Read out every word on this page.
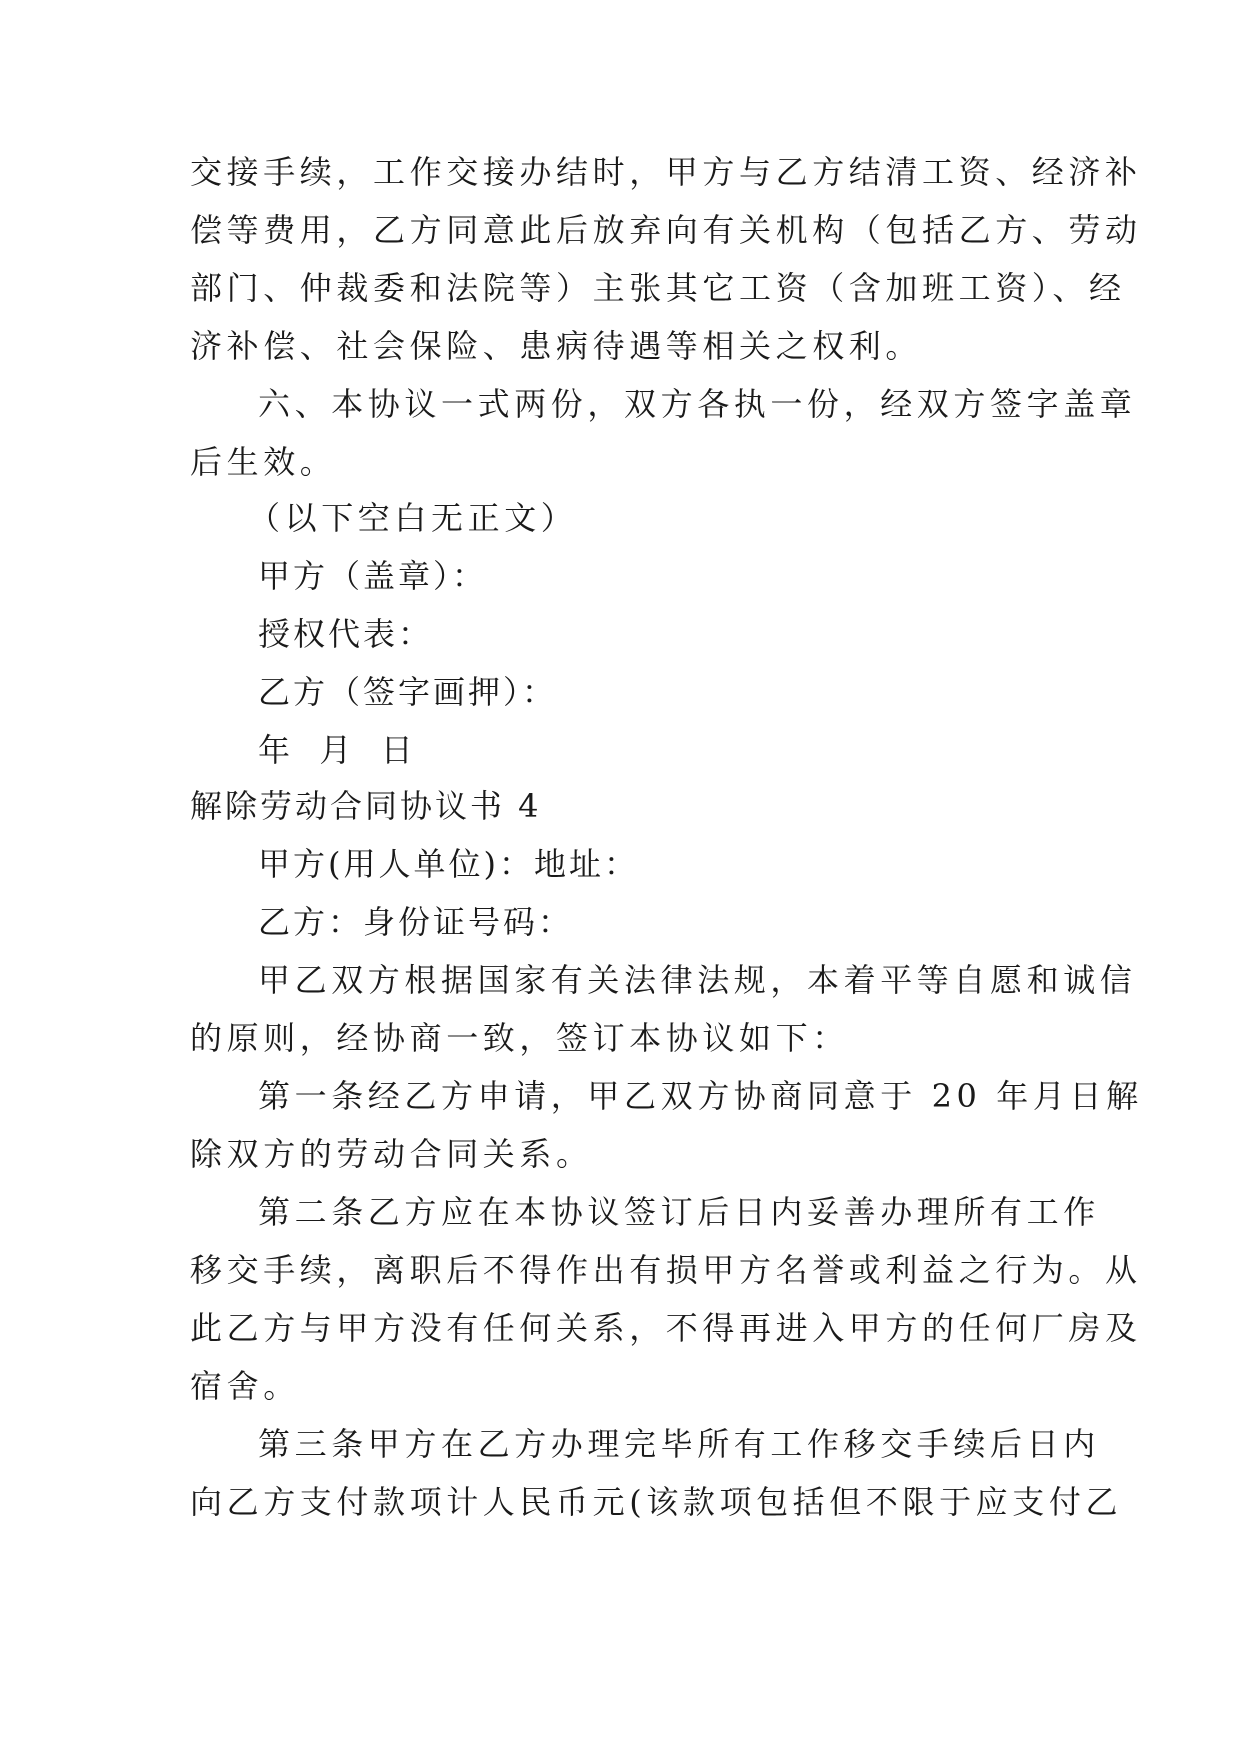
交接手续，工作交接办结时，甲方与乙方结清工资、经济补
偿等费用，乙方同意此后放弃向有关机构（包括乙方、劳动
部门、仲裁委和法院等）主张其它工资（含加班工资）、经
济补偿、社会保险、患病待遇等相关之权利。
六、本协议一式两份，双方各执一份，经双方签字盖章
后生效。
（以下空白无正文）
甲方（盖章）：
授权代表：
乙方（签字画押）：
年  月  日
解除劳动合同协议书 4
甲方(用人单位)：地址：
乙方：身份证号码：
甲乙双方根据国家有关法律法规，本着平等自愿和诚信
的原则，经协商一致，签订本协议如下：
第一条经乙方申请，甲乙双方协商同意于 20 年月日解
除双方的劳动合同关系。
第二条乙方应在本协议签订后日内妥善办理所有工作
移交手续，离职后不得作出有损甲方名誉或利益之行为。从
此乙方与甲方没有任何关系，不得再进入甲方的任何厂房及
宿舍。
第三条甲方在乙方办理完毕所有工作移交手续后日内
向乙方支付款项计人民币元(该款项包括但不限于应支付乙
